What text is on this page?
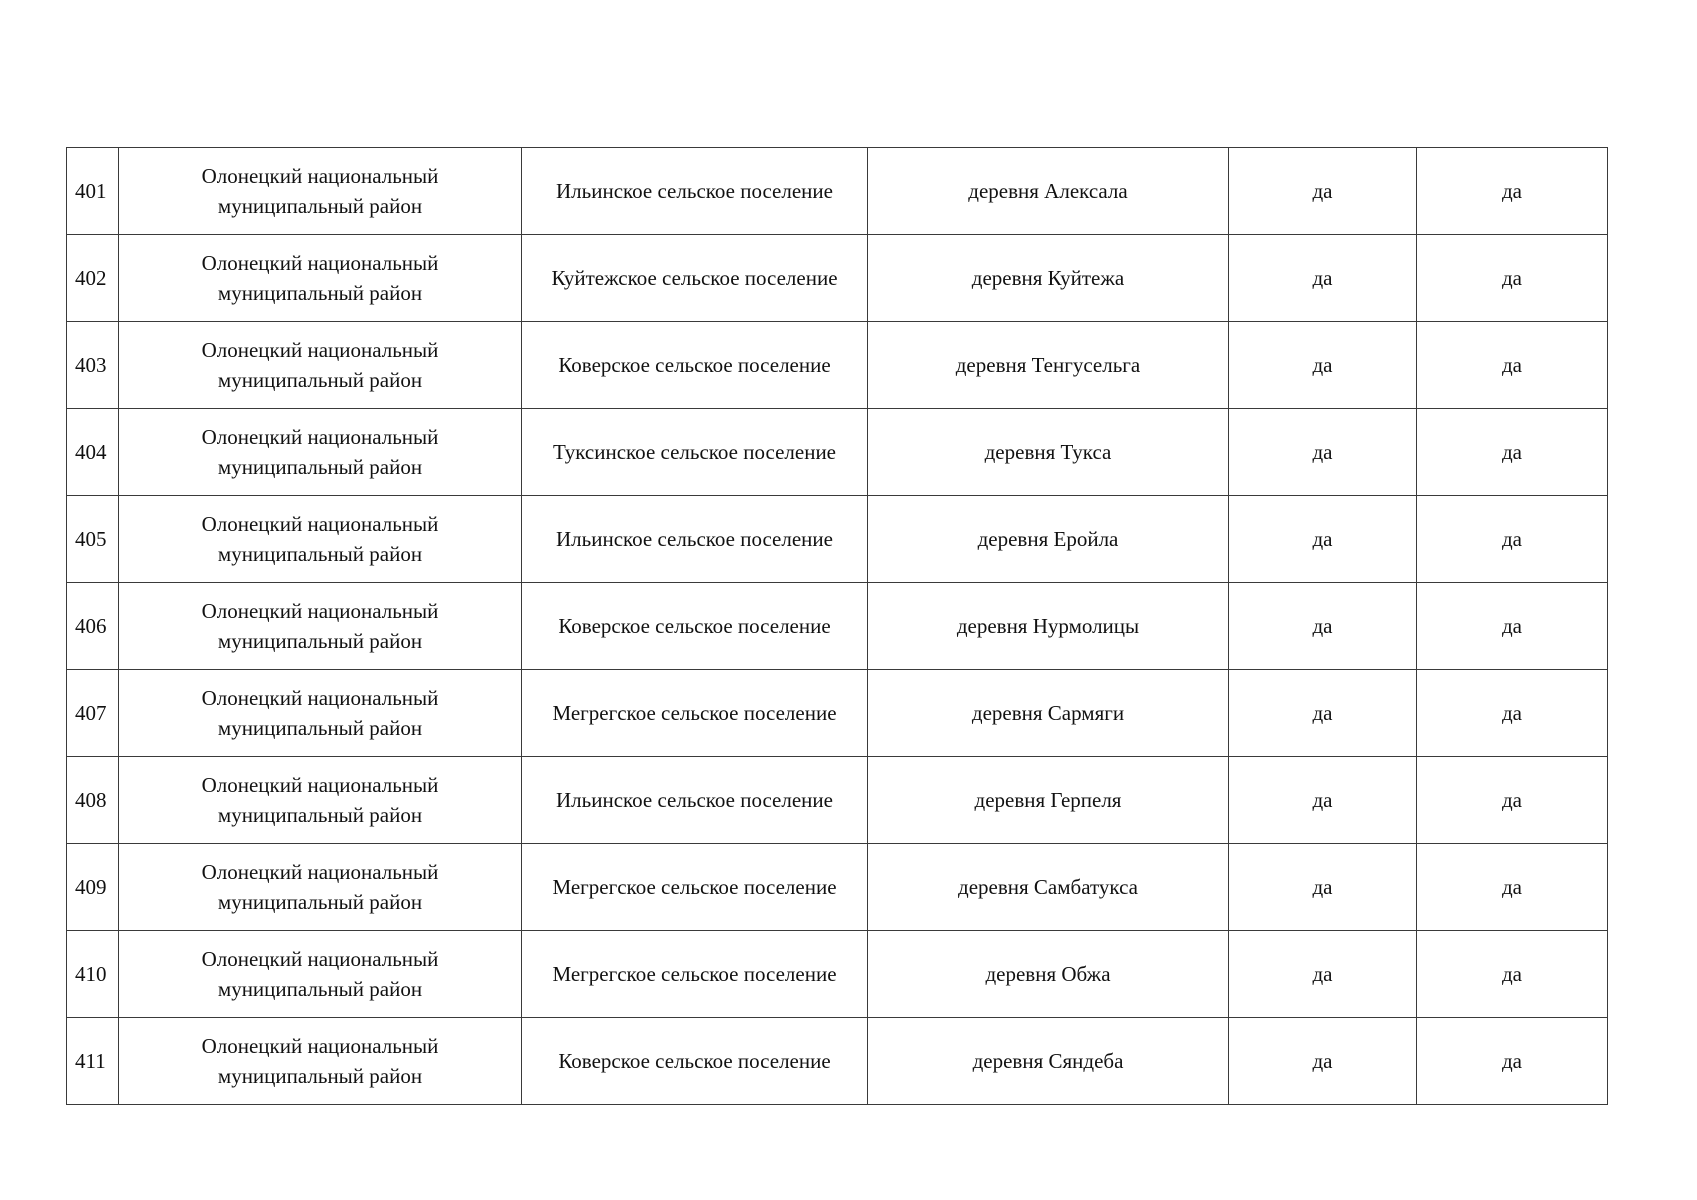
401	Олонецкий национальный
муниципальный район	Ильинское сельское поселение	деревня Алексала	да	да
402	Олонецкий национальный
муниципальный район	Куйтежское сельское поселение	деревня Куйтежа	да	да
403	Олонецкий национальный
муниципальный район	Коверское сельское поселение	деревня Тенгусельга	да	да
404	Олонецкий национальный
муниципальный район	Туксинское сельское поселение	деревня Тукса	да	да
405	Олонецкий национальный
муниципальный район	Ильинское сельское поселение	деревня Еройла	да	да
406	Олонецкий национальный
муниципальный район	Коверское сельское поселение	деревня Нурмолицы	да	да
407	Олонецкий национальный
муниципальный район	Мегрегское сельское поселение	деревня Сармяги	да	да
408	Олонецкий национальный
муниципальный район	Ильинское сельское поселение	деревня Герпеля	да	да
409	Олонецкий национальный
муниципальный район	Мегрегское сельское поселение	деревня Самбатукса	да	да
410	Олонецкий национальный
муниципальный район	Мегрегское сельское поселение	деревня Обжа	да	да
411	Олонецкий национальный
муниципальный район	Коверское сельское поселение	деревня Сяндеба	да	да
